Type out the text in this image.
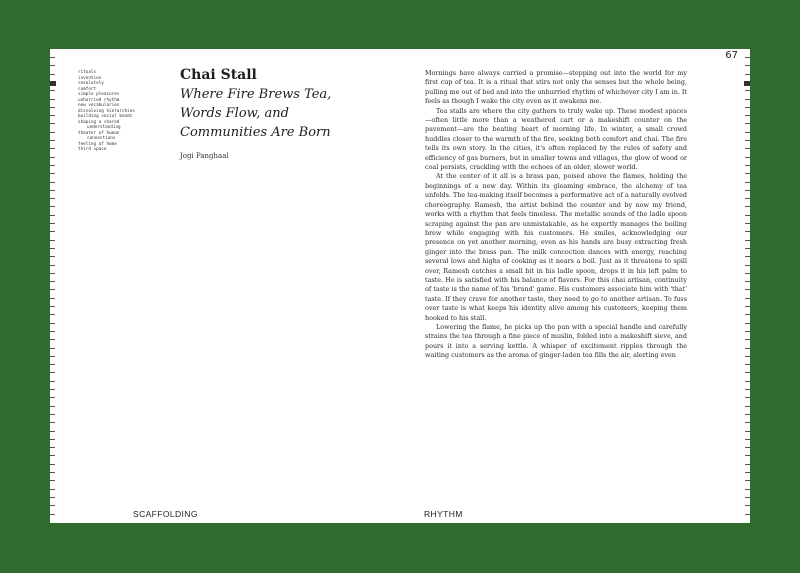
67
rituals
invention
resolutely
comfort
simple pleasures
unhurried rhythm
new vocabularies
dissolving hierarchies
building social bonds
shaping a shared
understanding
theater of human
connections
feeling of home
third space
Chai Stall
Where Fire Brews Tea,
Words Flow, and
Communities Are Born
Jogi Panghaal

Mornings have always carried a promise—stepping out into the world for my first cup of tea. It is a ritual that stirs not only the senses but the whole being, pulling me out of bed and into the unhurried rhythm of whichever city I am in. It feels as though I wake the city even as it awakens me.

Tea stalls are where the city gathers to truly wake up. These modest spaces—often little more than a weathered cart or a makeshift counter on the pavement—are the beating heart of morning life. In winter, a small crowd huddles closer to the warmth of the fire, seeking both comfort and chai. The fire tells its own story. In the cities, it's often replaced by the rules of safety and efficiency of gas burners, but in smaller towns and villages, the glow of wood or coal persists, crackling with the echoes of an older, slower world.

At the center of it all is a brass pan, poised above the flames, holding the beginnings of a new day. Within its gleaming embrace, the alchemy of tea unfolds. The tea-making itself becomes a performative act of a naturally evolved choreography. Ramesh, the artist behind the counter and by now my friend, works with a rhythm that feels timeless. The metallic sounds of the ladle spoon scraping against the pan are unmistakable, as he expertly manages the boiling brew while engaging with his customers. He smiles, acknowledging our presence on yet another morning, even as his hands are busy extracting fresh ginger into the brass pan. The milk concoction dances with energy, reaching several lows and highs of cooking as it nears a boil. Just as it threatens to spill over, Ramesh catches a small bit in his ladle spoon, drops it in his left palm to taste. He is satisfied with his balance of flavors. For this chai artisan, continuity of taste is the name of his 'brand' game. His customers associate him with 'that' taste. If they crave for another taste, they need to go to another artisan. To fuss over taste is what keeps his identity alive among his customers, keeping them hooked to his stall.

Lowering the flame, he picks up the pan with a special handle and carefully strains the tea through a fine piece of muslin, folded into a makeshift sieve, and pours it into a serving kettle. A whisper of excitement ripples through the waiting customers as the aroma of ginger-laden tea fills the air, alerting even

SCAFFOLDING	RHYTHM
